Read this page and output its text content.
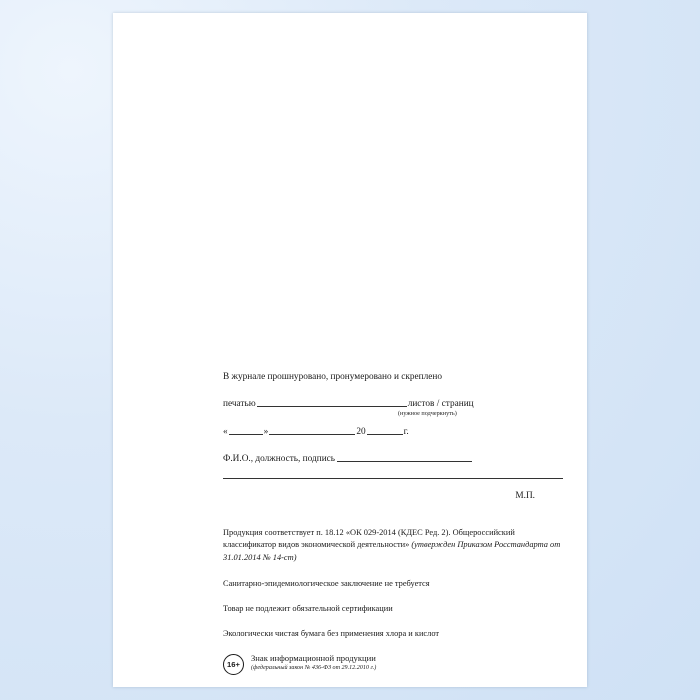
В журнале прошнуровано, пронумеровано и скреплено
печатью	листов / страниц
(нужное подчеркнуть)
«	»	20	г.
Ф.И.О., должность, подпись
М.П.
Продукция соответствует п. 18.12 «ОК 029-2014 (КДЕС Ред. 2). Общероссийский классификатор видов экономической деятельности» (утвержден Приказом Росстандарта от 31.01.2014 № 14-ст)
Санитарно-эпидемиологическое заключение не требуется
Товар не подлежит обязательной сертификации
Экологически чистая бумага без применения хлора и кислот
16+
Знак информационной продукции
(федеральный закон № 436-ФЗ от 29.12.2010 г.)
